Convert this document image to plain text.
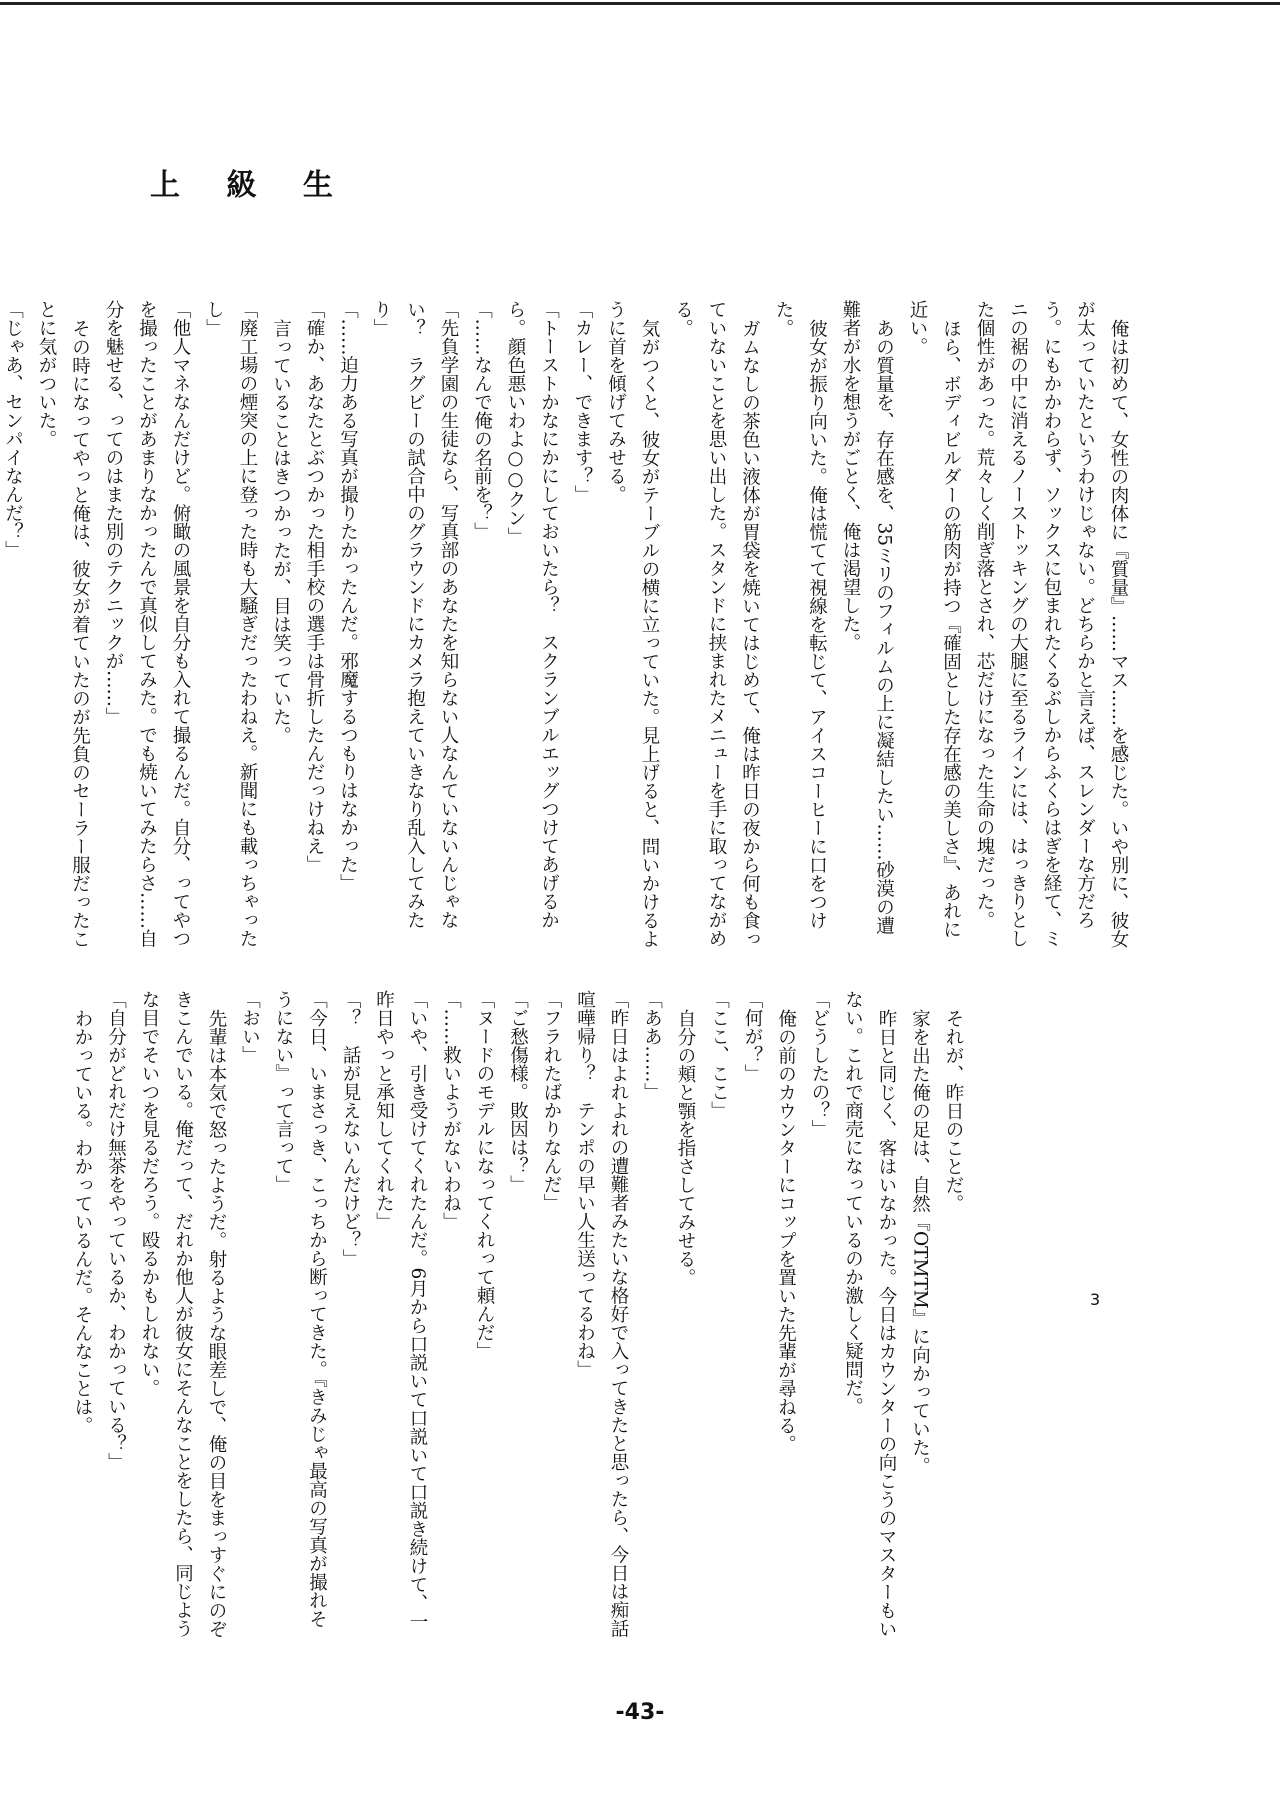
上 級 生

俺は初めて、女性の肉体に『質量』……マス……を感じた。いや別に、彼女が太っていたというわけじゃない。どちらかと言えば、スレンダーな方だろう。にもかかわらず、ソックスに包まれたくるぶしからふくらはぎを経て、ミニの裾の中に消えるノーストッキングの大腿に至るラインには、はっきりとした個性があった。荒々しく削ぎ落とされ、芯だけになった生命の塊だった。

ほら、ボディビルダーの筋肉が持つ『確固とした存在感の美しさ』、あれに近い。

あの質量を、存在感を、35ミリのフィルムの上に凝結したい……砂漠の遭難者が水を想うがごとく、俺は渇望した。

彼女が振り向いた。俺は慌てて視線を転じて、アイスコーヒーに口をつけた。

ガムなしの茶色い液体が胃袋を焼いてはじめて、俺は昨日の夜から何も食っていないことを思い出した。スタンドに挟まれたメニューを手に取ってながめる。

気がつくと、彼女がテーブルの横に立っていた。見上げると、問いかけるように首を傾げてみせる。

「カレー、できます？」

「トーストかなにかにしておいたら？　スクランブルエッグつけてあげるから。顔色悪いわよ○○クン」

「……なんで俺の名前を？」

「先負学園の生徒なら、写真部のあなたを知らない人なんていないんじゃない？　ラグビーの試合中のグラウンドにカメラ抱えていきなり乱入してみたり」

「……迫力ある写真が撮りたかったんだ。邪魔するつもりはなかった」

「確か、あなたとぶつかった相手校の選手は骨折したんだっけねえ」

言っていることはきつかったが、目は笑っていた。

「廃工場の煙突の上に登った時も大騒ぎだったわねえ。新聞にも載っちゃったし」

「他人マネなんだけど。俯瞰の風景を自分も入れて撮るんだ。自分、ってやつを撮ったことがあまりなかったんで真似してみた。でも焼いてみたらさ……自分を魅せる、ってのはまた別のテクニックが……」

その時になってやっと俺は、彼女が着ていたのが先負のセーラー服だったことに気がついた。

「じゃあ、センパイなんだ？」

3

それが、昨日のことだ。

家を出た俺の足は、自然『OTMTM』に向かっていた。

昨日と同じく、客はいなかった。今日はカウンターの向こうのマスターもいない。これで商売になっているのか激しく疑問だ。

「どうしたの？」

俺の前のカウンターにコップを置いた先輩が尋ねる。

「何が？」

「ここ、ここ」

自分の頬と顎を指さしてみせる。

「ああ……」

「昨日はよれよれの遭難者みたいな格好で入ってきたと思ったら、今日は痴話喧嘩帰り？　テンポの早い人生送ってるわね」

「フラれたばかりなんだ」

「ご愁傷様。敗因は？」

「ヌードのモデルになってくれって頼んだ」

「……救いようがないわね」

「いや、引き受けてくれたんだ。6月から口説いて口説いて口説き続けて、一昨日やっと承知してくれた」

「？　話が見えないんだけど？」

「今日、いまさっき、こっちから断ってきた。『きみじゃ最高の写真が撮れそうにない』って言って」

「おい」

先輩は本気で怒ったようだ。射るような眼差しで、俺の目をまっすぐにのぞきこんでいる。俺だって、だれか他人が彼女にそんなことをしたら、同じような目でそいつを見るだろう。殴るかもしれない。

「自分がどれだけ無茶をやっているか、わかっている？」

わかっている。わかっているんだ。そんなことは。

-43-
